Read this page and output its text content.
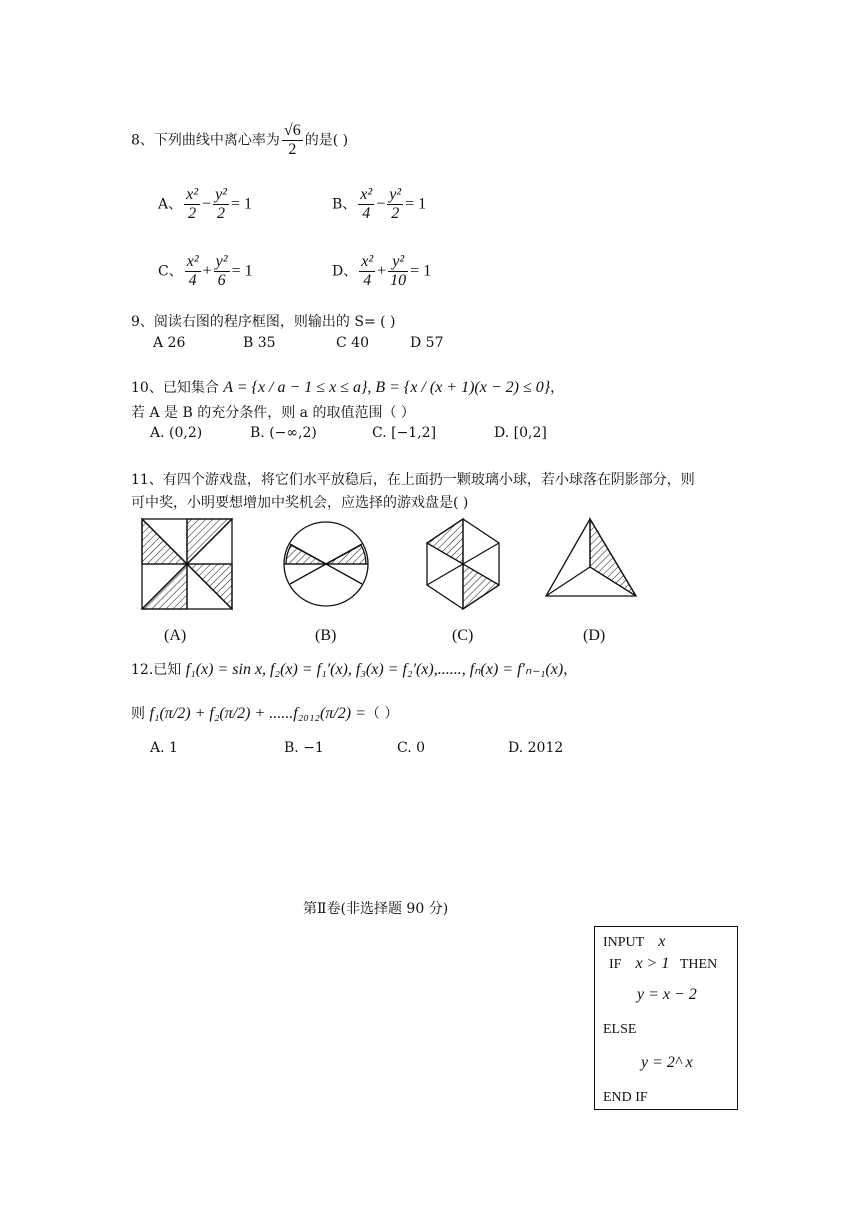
8、下列曲线中离心率为 $\frac{√6}{2}$ 的是( )
A、 $\frac{\text{x²}}{2} - \frac{\text{y²}}{2} = 1$	B、 $\frac{\text{x²}}{4} - \frac{\text{y²}}{2} = 1$
C、 $\frac{\text{x²}}{4} + \frac{\text{y²}}{6} = 1$	D、 $\frac{\text{x²}}{4} + \frac{\text{y²}}{10} = 1$
9、阅读右图的程序框图，则输出的 S= ( )
A 26	B 35	C 40	D 57
10、已知集合 A = {x / a − 1 ≤ x ≤ a}, B = {x / (x + 1)(x − 2) ≤ 0}，
若 A 是 B 的充分条件，则 a 的取值范围（ ）
A. (0,2)	B. (−∞,2)	C. [−1,2]	D. [0,2]
11、有四个游戏盘，将它们水平放稳后，在上面扔一颗玻璃小球，若小球落在阴影部分，则
可中奖，小明要想增加中奖机会，应选择的游戏盘是( )
(A)	(B)	(C)	(D)
12.已知 f₁(x) = sin x, f₂(x) = f₁′(x), f₃(x) = f₂′(x),......, fₙ(x) = f′ₙ₋₁(x)，
则 f₁(π/2) + f₂(π/2) + ......f₂₀₁₂(π/2) =（ ）
A. 1	B. −1	C. 0	D. 2012
第Ⅱ卷(非选择题 90 分)
INPUT x
IF x > 1 THEN
y = x − 2
ELSE
y = 2^ x
END IF
